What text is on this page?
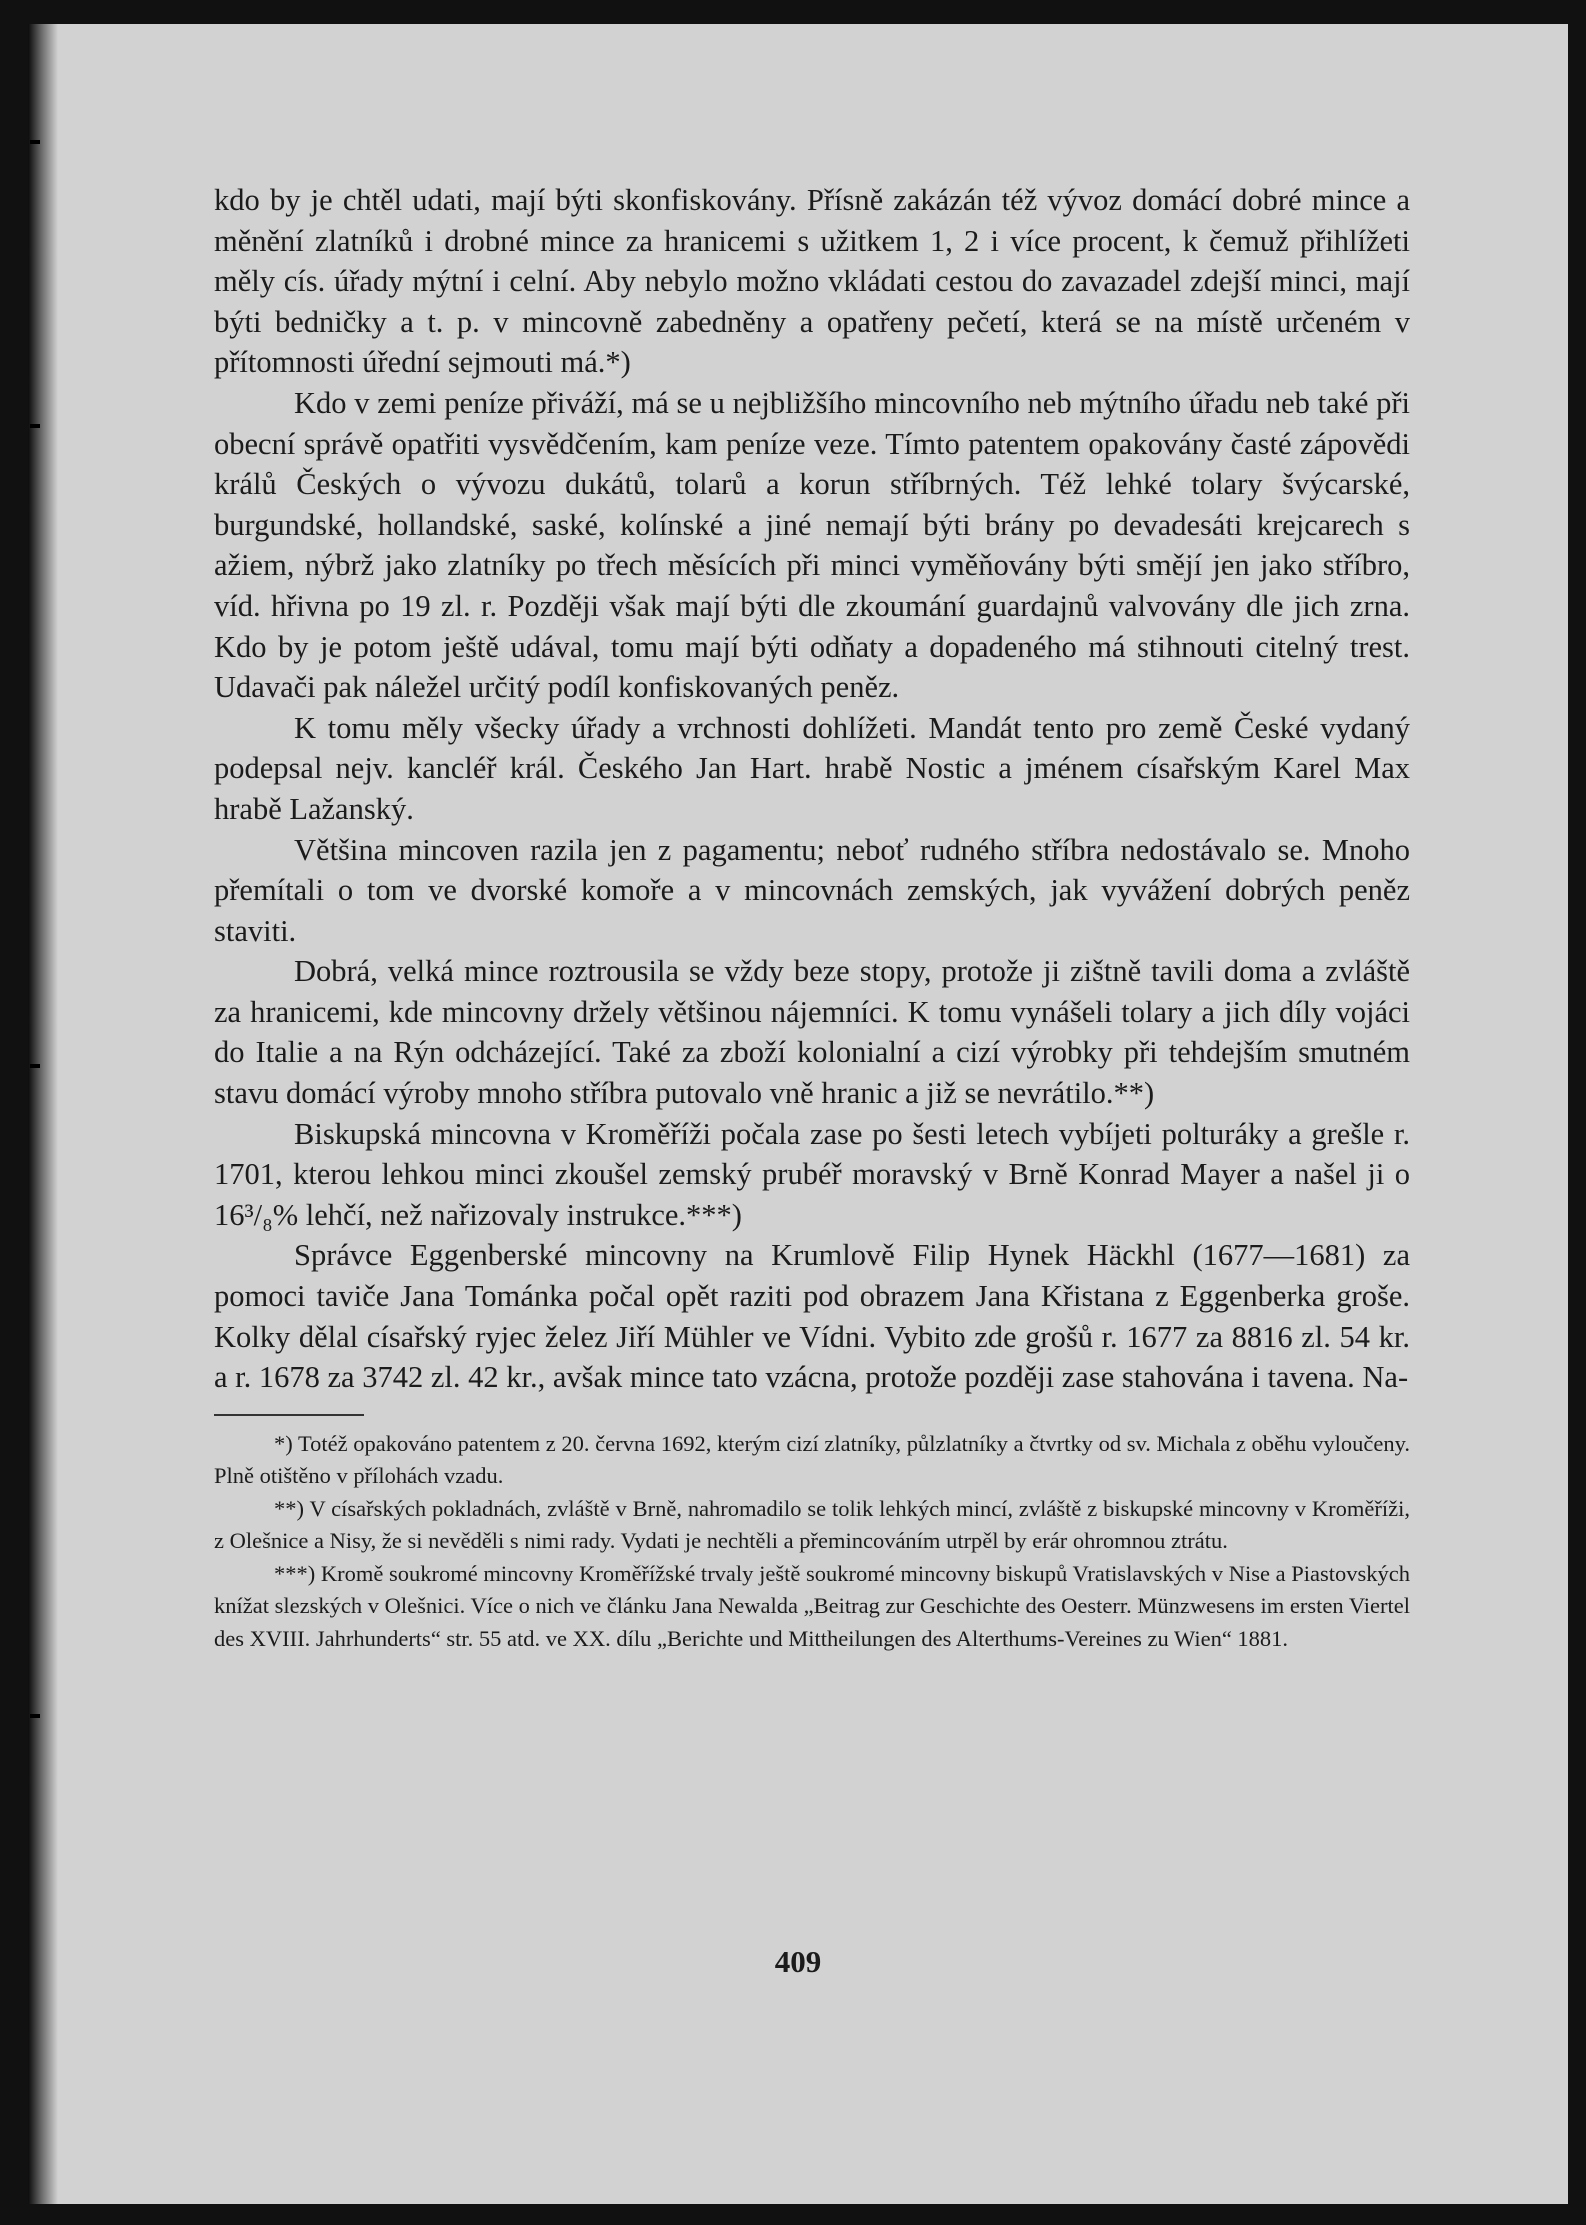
kdo by je chtěl udati, mají býti skonfiskovány. Přísně zakázán též vývoz domácí dobré mince a měnění zlatníků i drobné mince za hranicemi s užitkem 1, 2 i více procent, k čemuž přihlížeti měly cís. úřady mýtní i celní. Aby nebylo možno vkládati cestou do zavazadel zdejší minci, mají býti bedničky a t. p. v mincovně zabedněny a opatřeny pečetí, která se na místě určeném v přítomnosti úřední sejmouti má.*)

Kdo v zemi peníze přiváží, má se u nejbližšího mincovního neb mýtního úřadu neb také při obecní správě opatřiti vysvědčením, kam peníze veze. Tímto patentem opakovány časté zápovědi králů Českých o vývozu dukátů, tolarů a korun stříbrných. Též lehké tolary švýcarské, burgundské, hollandské, saské, kolínské a jiné nemají býti brány po devadesáti krejcarech s ažiem, nýbrž jako zlatníky po třech měsících při minci vyměňovány býti smějí jen jako stříbro, víd. hřivna po 19 zl. r. Později však mají býti dle zkoumání guardajnů valvovány dle jich zrna. Kdo by je potom ještě udával, tomu mají býti odňaty a dopadeného má stihnouti citelný trest. Udavači pak náležel určitý podíl konfiskovaných peněz.

K tomu měly všecky úřady a vrchnosti dohlížeti. Mandát tento pro země České vydaný podepsal nejv. kancléř král. Českého Jan Hart. hrabě Nostic a jménem císařským Karel Max hrabě Lažanský.

Většina mincoven razila jen z pagamentu; neboť rudného stříbra nedostávalo se. Mnoho přemítali o tom ve dvorské komoře a v mincovnách zemských, jak vyvážení dobrých peněz staviti.

Dobrá, velká mince roztrousila se vždy beze stopy, protože ji zištně tavili doma a zvláště za hranicemi, kde mincovny držely většinou nájemníci. K tomu vynášeli tolary a jich díly vojáci do Italie a na Rýn odcházející. Také za zboží kolonialní a cizí výrobky při tehdejším smutném stavu domácí výroby mnoho stříbra putovalo vně hranic a již se nevrátilo.**)

Biskupská mincovna v Kroměříži počala zase po šesti letech vybíjeti polturáky a grešle r. 1701, kterou lehkou minci zkoušel zemský prubéř moravský v Brně Konrad Mayer a našel ji o 16³/₈% lehčí, než nařizovaly instrukce.***)

Správce Eggenberské mincovny na Krumlově Filip Hynek Häckhl (1677—1681) za pomoci taviče Jana Tománka počal opět raziti pod obrazem Jana Křistana z Eggenberka groše. Kolky dělal císařský ryjec želez Jiří Mühler ve Vídni. Vybito zde grošů r. 1677 za 8816 zl. 54 kr. a r. 1678 za 3742 zl. 42 kr., avšak mince tato vzácna, protože později zase stahována i tavena. Na-

*) Totéž opakováno patentem z 20. června 1692, kterým cizí zlatníky, půlzlatníky a čtvrtky od sv. Michala z oběhu vyloučeny. Plně otištěno v přílohách vzadu.

**) V císařských pokladnách, zvláště v Brně, nahromadilo se tolik lehkých mincí, zvláště z biskupské mincovny v Kroměříži, z Olešnice a Nisy, že si nevěděli s nimi rady. Vydati je nechtěli a přemincováním utrpěl by erár ohromnou ztrátu.

***) Kromě soukromé mincovny Kroměřížské trvaly ještě soukromé mincovny biskupů Vratislavských v Nise a Piastovských knížat slezských v Olešnici. Více o nich ve článku Jana Newalda „Beitrag zur Geschichte des Oesterr. Münzwesens im ersten Viertel des XVIII. Jahrhunderts“ str. 55 atd. ve XX. dílu „Berichte und Mittheilungen des Alterthums-Vereines zu Wien“ 1881.

409
